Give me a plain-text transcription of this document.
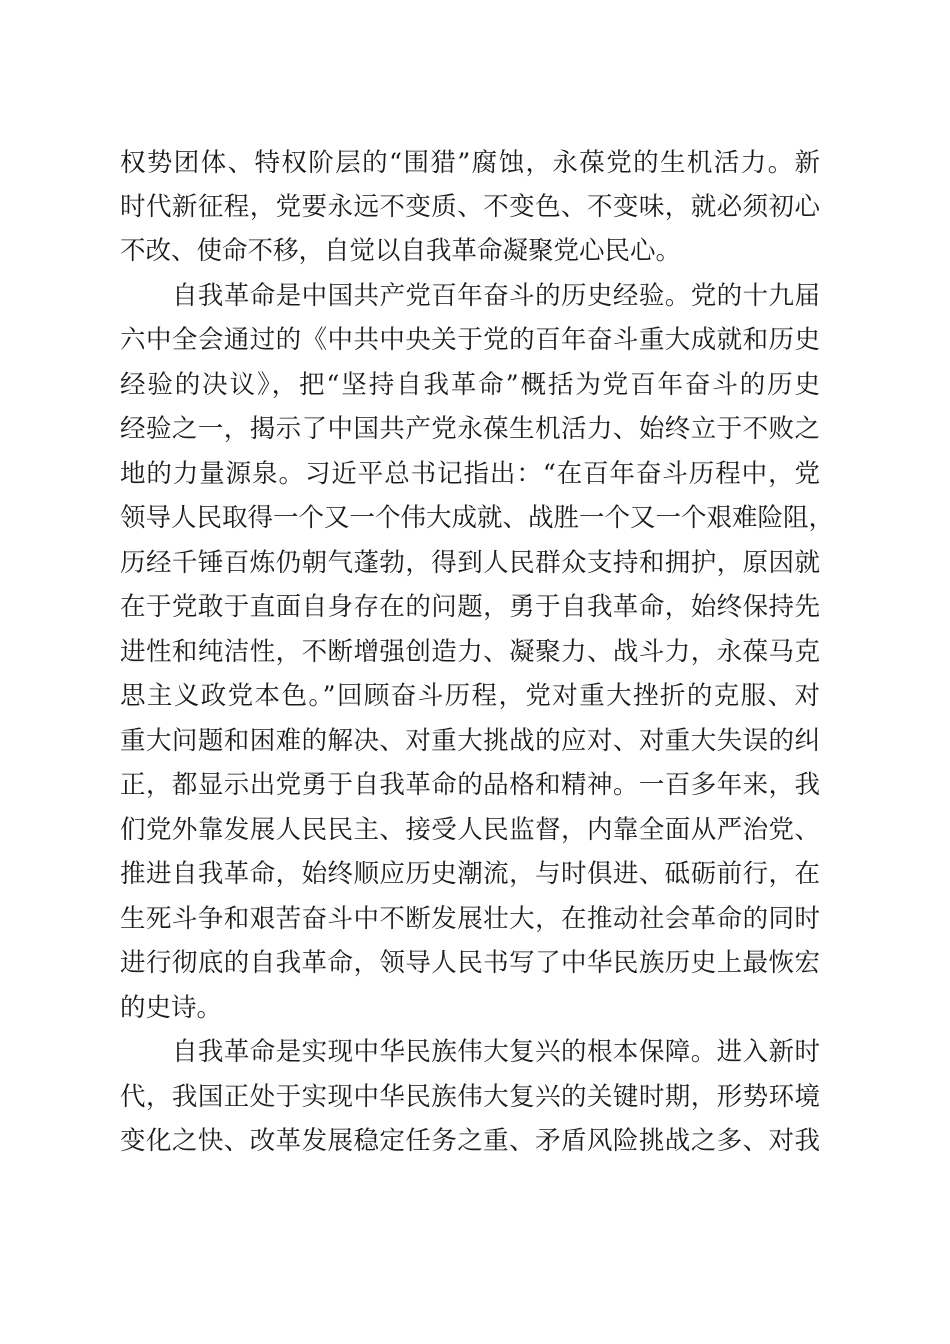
权势团体、特权阶层的“围猎”腐蚀，永葆党的生机活力。新
时代新征程，党要永远不变质、不变色、不变味，就必须初心
不改、使命不移，自觉以自我革命凝聚党心民心。
自我革命是中国共产党百年奋斗的历史经验。党的十九届
六中全会通过的《中共中央关于党的百年奋斗重大成就和历史
经验的决议》，把“坚持自我革命”概括为党百年奋斗的历史
经验之一，揭示了中国共产党永葆生机活力、始终立于不败之
地的力量源泉。习近平总书记指出：“在百年奋斗历程中，党
领导人民取得一个又一个伟大成就、战胜一个又一个艰难险阻，
历经千锤百炼仍朝气蓬勃，得到人民群众支持和拥护，原因就
在于党敢于直面自身存在的问题，勇于自我革命，始终保持先
进性和纯洁性，不断增强创造力、凝聚力、战斗力，永葆马克
思主义政党本色。”回顾奋斗历程，党对重大挫折的克服、对
重大问题和困难的解决、对重大挑战的应对、对重大失误的纠
正，都显示出党勇于自我革命的品格和精神。一百多年来，我
们党外靠发展人民民主、接受人民监督，内靠全面从严治党、
推进自我革命，始终顺应历史潮流，与时俱进、砥砺前行，在
生死斗争和艰苦奋斗中不断发展壮大，在推动社会革命的同时
进行彻底的自我革命，领导人民书写了中华民族历史上最恢宏
的史诗。
自我革命是实现中华民族伟大复兴的根本保障。进入新时
代，我国正处于实现中华民族伟大复兴的关键时期，形势环境
变化之快、改革发展稳定任务之重、矛盾风险挑战之多、对我
